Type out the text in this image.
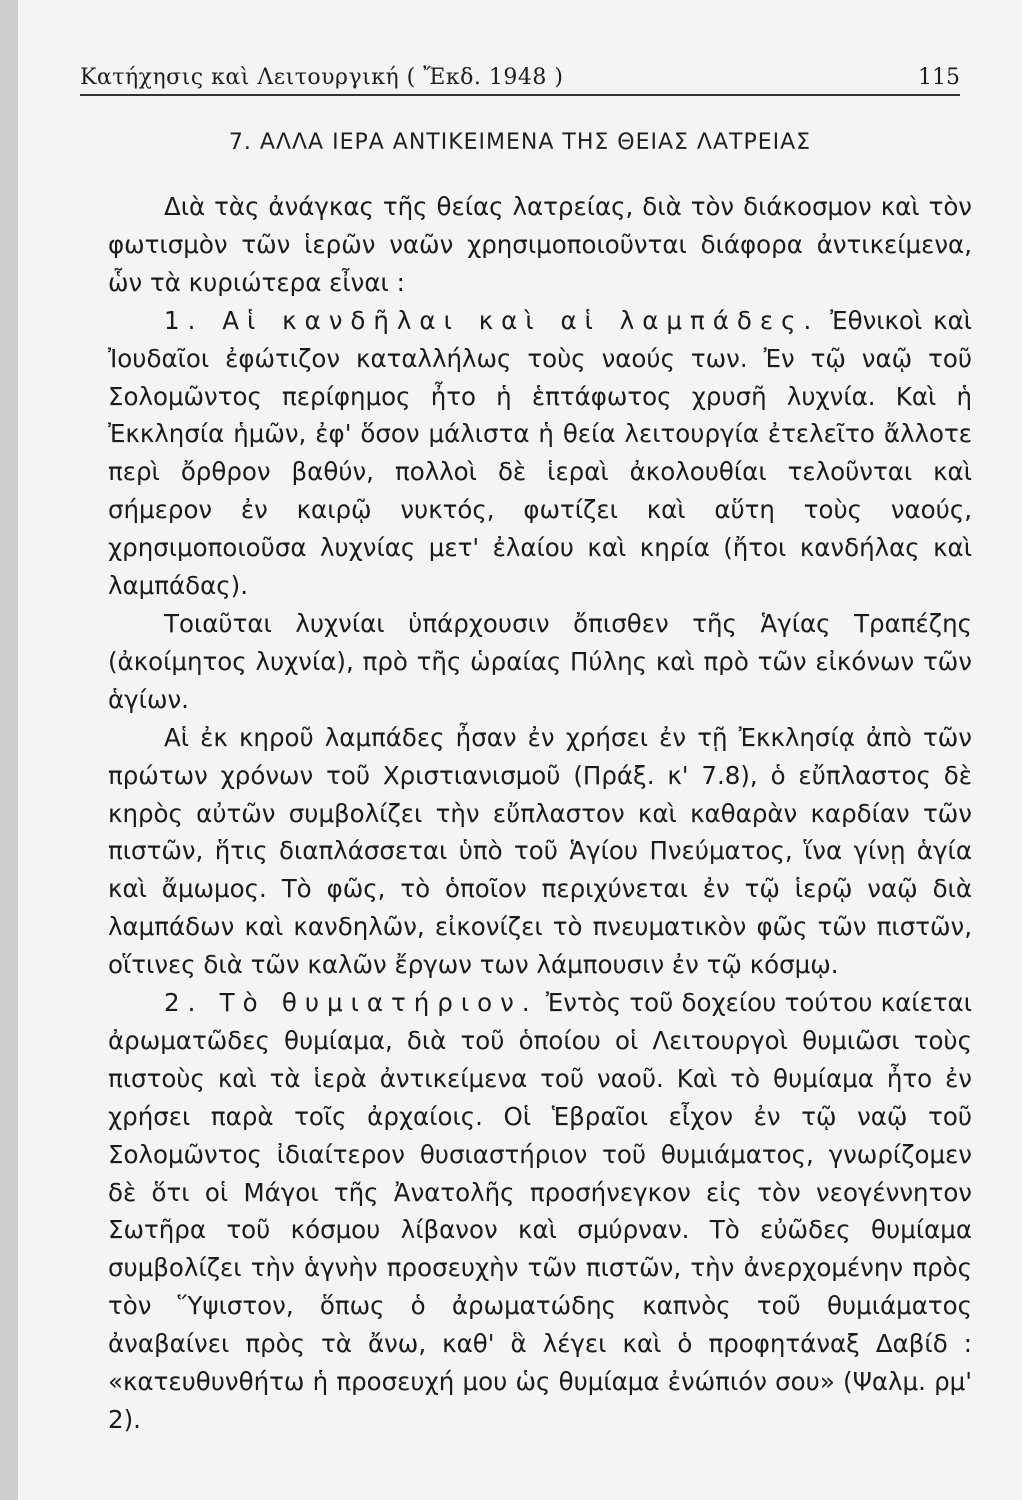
Κατήχησις καὶ Λειτουργική ( Ἔκδ. 1948 )	115
7. ΑΛΛΑ ΙΕΡΑ ΑΝΤΙΚΕΙΜΕΝΑ ΤΗΣ ΘΕΙΑΣ ΛΑΤΡΕΙΑΣ

Διὰ τὰς ἀνάγκας τῆς θείας λατρείας, διὰ τὸν διάκοσμον καὶ τὸν φωτισμὸν τῶν ἱερῶν ναῶν χρησιμοποιοῦνται διάφορα ἀντικείμενα, ὧν τὰ κυριώτερα εἶναι :

1. Αἱ κανδῆλαι καὶ αἱ λαμπάδες. Ἐθνικοὶ καὶ Ἰουδαῖοι ἐφώτιζον καταλλήλως τοὺς ναούς των. Ἐν τῷ ναῷ τοῦ Σολομῶντος περίφημος ἦτο ἡ ἑπτάφωτος χρυσῆ λυχνία. Καὶ ἡ Ἐκκλησία ἡμῶν, ἐφ' ὅσον μάλιστα ἡ θεία λειτουργία ἐτελεῖτο ἄλλοτε περὶ ὄρθρον βαθύν, πολλοὶ δὲ ἱεραὶ ἀκολουθίαι τελοῦνται καὶ σήμερον ἐν καιρῷ νυκτός, φωτίζει καὶ αὕτη τοὺς ναούς, χρησιμοποιοῦσα λυχνίας μετ' ἐλαίου καὶ κηρία (ἤτοι κανδήλας καὶ λαμπάδας).

Τοιαῦται λυχνίαι ὑπάρχουσιν ὄπισθεν τῆς Ἁγίας Τραπέζης (ἀκοίμητος λυχνία), πρὸ τῆς ὡραίας Πύλης καὶ πρὸ τῶν εἰκόνων τῶν ἁγίων.

Αἱ ἐκ κηροῦ λαμπάδες ἦσαν ἐν χρήσει ἐν τῇ Ἐκκλησίᾳ ἀπὸ τῶν πρώτων χρόνων τοῦ Χριστιανισμοῦ (Πράξ. κ' 7.8), ὁ εὔπλαστος δὲ κηρὸς αὐτῶν συμβολίζει τὴν εὔπλαστον καὶ καθαρὰν καρδίαν τῶν πιστῶν, ἥτις διαπλάσσεται ὑπὸ τοῦ Ἁγίου Πνεύματος, ἵνα γίνῃ ἁγία καὶ ἄμωμος. Τὸ φῶς, τὸ ὁποῖον περιχύνεται ἐν τῷ ἱερῷ ναῷ διὰ λαμπάδων καὶ κανδηλῶν, εἰκονίζει τὸ πνευματικὸν φῶς τῶν πιστῶν, οἵτινες διὰ τῶν καλῶν ἔργων των λάμπουσιν ἐν τῷ κόσμῳ.

2. Τὸ θυμιατήριον. Ἐντὸς τοῦ δοχείου τούτου καίεται ἀρωματῶδες θυμίαμα, διὰ τοῦ ὁποίου οἱ Λειτουργοὶ θυμιῶσι τοὺς πιστοὺς καὶ τὰ ἱερὰ ἀντικείμενα τοῦ ναοῦ. Καὶ τὸ θυμίαμα ἦτο ἐν χρήσει παρὰ τοῖς ἀρχαίοις. Οἱ Ἑβραῖοι εἶχον ἐν τῷ ναῷ τοῦ Σολομῶντος ἰδιαίτερον θυσιαστήριον τοῦ θυμιάματος, γνωρίζομεν δὲ ὅτι οἱ Μάγοι τῆς Ἀνατολῆς προσήνεγκον εἰς τὸν νεογέννητον Σωτῆρα τοῦ κόσμου λίβανον καὶ σμύρναν. Τὸ εὐῶδες θυμίαμα συμβολίζει τὴν ἁγνὴν προσευχὴν τῶν πιστῶν, τὴν ἀνερχομένην πρὸς τὸν Ὕψιστον, ὅπως ὁ ἀρωματώδης καπνὸς τοῦ θυμιάματος ἀναβαίνει πρὸς τὰ ἄνω, καθ' ἃ λέγει καὶ ὁ προφητάναξ Δαβίδ : «κατευθυνθήτω ἡ προσευχή μου ὡς θυμίαμα ἐνώπιόν σου» (Ψαλμ. ρμ' 2).
